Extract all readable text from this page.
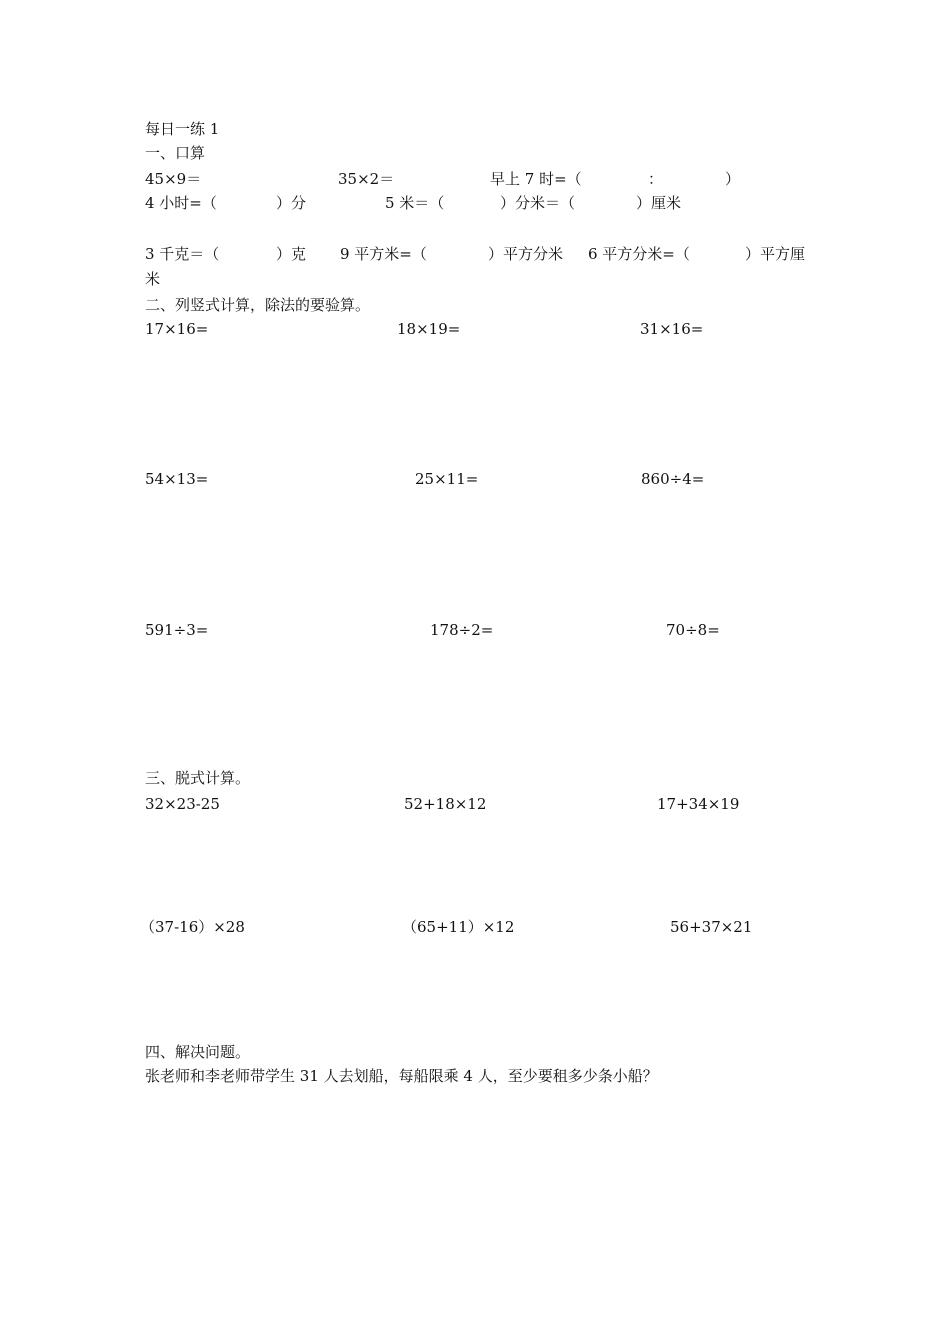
每日一练 1
一、口算
45×9＝	35×2＝	早上 7 时=（	：	）
4 小时=（	）分	5 米＝（	）分米＝（	）厘米
3 千克＝（	）克 9 平方米=（	）平方分米 6 平方分米=（	）平方厘
米
二、列竖式计算，除法的要验算。
17×16=	18×19=	31×16=
54×13=	25×11=	860÷4=
591÷3=	178÷2=	70÷8=
三、脱式计算。
32×23-25	52+18×12	17+34×19
（37-16）×28	（65+11）×12	56+37×21
四、解决问题。
张老师和李老师带学生 31 人去划船，每船限乘 4 人，至少要租多少条小船？
